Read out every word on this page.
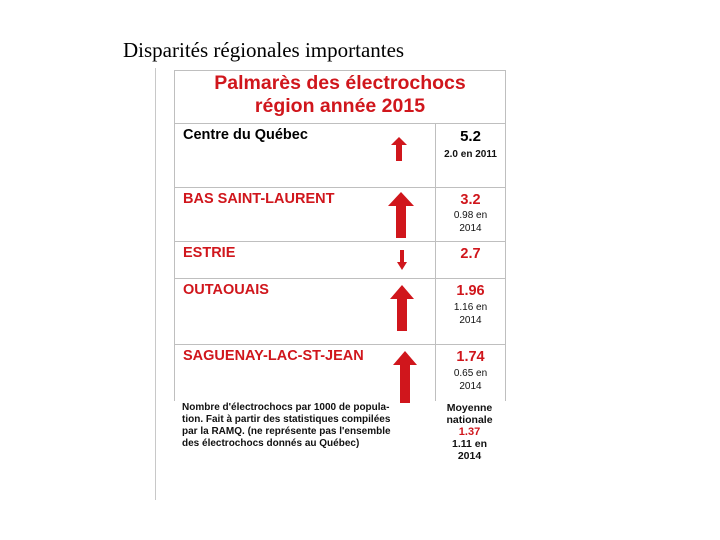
Disparités régionales importantes
Palmarès des électrochocs
région année 2015
Centre du Québec	5.2
2.0 en 2011
BAS SAINT-LAURENT	3.2
0.98 en
2014
ESTRIE	2.7
OUTAOUAIS	1.96
1.16 en
2014
SAGUENAY-LAC-ST-JEAN	1.74
0.65 en
2014
Nombre d'électrochocs par 1000 de popula-
tion. Fait à partir des statistiques compilées
par la RAMQ. (ne représente pas l'ensemble
des électrochocs donnés au Québec)
Moyenne
nationale
1.37
1.11 en
2014
